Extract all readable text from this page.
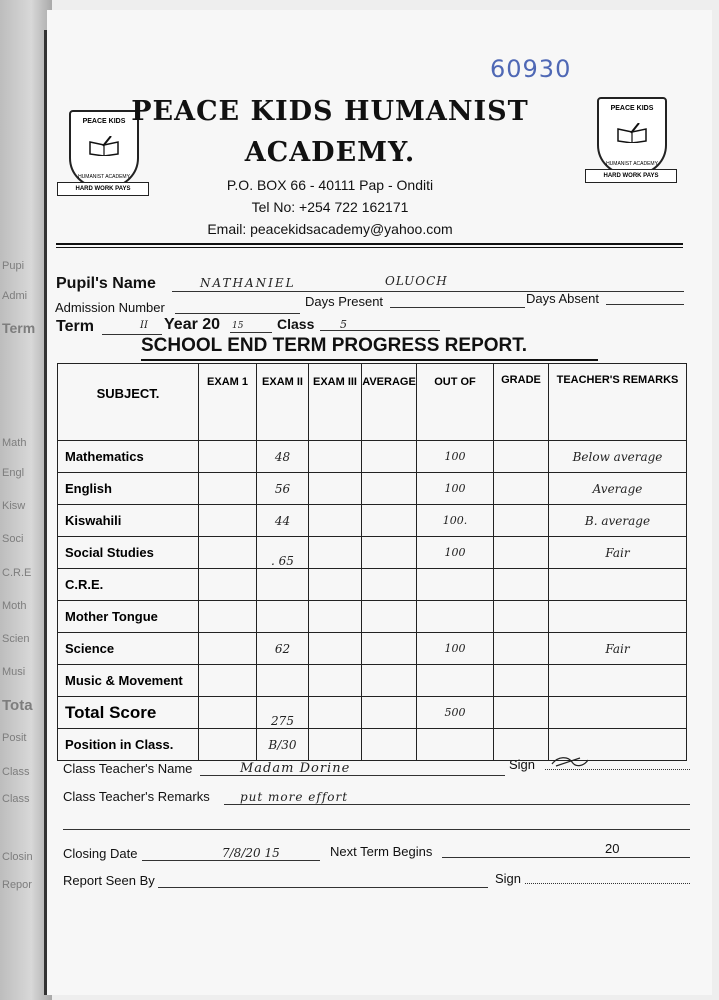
Pupi
Admi
Term
Math
Engl
Kisw
Soci
C.R.E
Moth
Scien
Musi
Tota
Posit
Class
Class
Closin
Repor
60930
PEACE KIDS
HUMANIST ACADEMY
HARD WORK PAYS
PEACE KIDS
HUMANIST ACADEMY
HARD WORK PAYS
PEACE KIDS HUMANIST
ACADEMY.
P.O. BOX 66 - 40111 Pap - Onditi
Tel No: +254 722 162171
Email: peacekidsacademy@yahoo.com
Pupil's Name	NATHANIEL	OLUOCH
Admission Number	Days Present	Days Absent
Term	II Year 20 15 Class 5
SCHOOL END TERM PROGRESS REPORT.
SUBJECT.	EXAM 1	EXAM II	EXAM III	AVERAGE	OUT OF	GRADE	TEACHER'S REMARKS
Mathematics		48			100		Below average
English		56			100		Average
Kiswahili		44			100.		B. average
Social Studies		. 65			100		Fair
C.R.E.							
Mother Tongue							
Science		62			100		Fair
Music & Movement							
Total Score		275			500		
Position in Class.		B/30					
Class Teacher's Name	Madam Dorine	Sign
Class Teacher's Remarks	put more effort
Closing Date	7/8/20 15	Next Term Begins	20
Report Seen By	Sign
